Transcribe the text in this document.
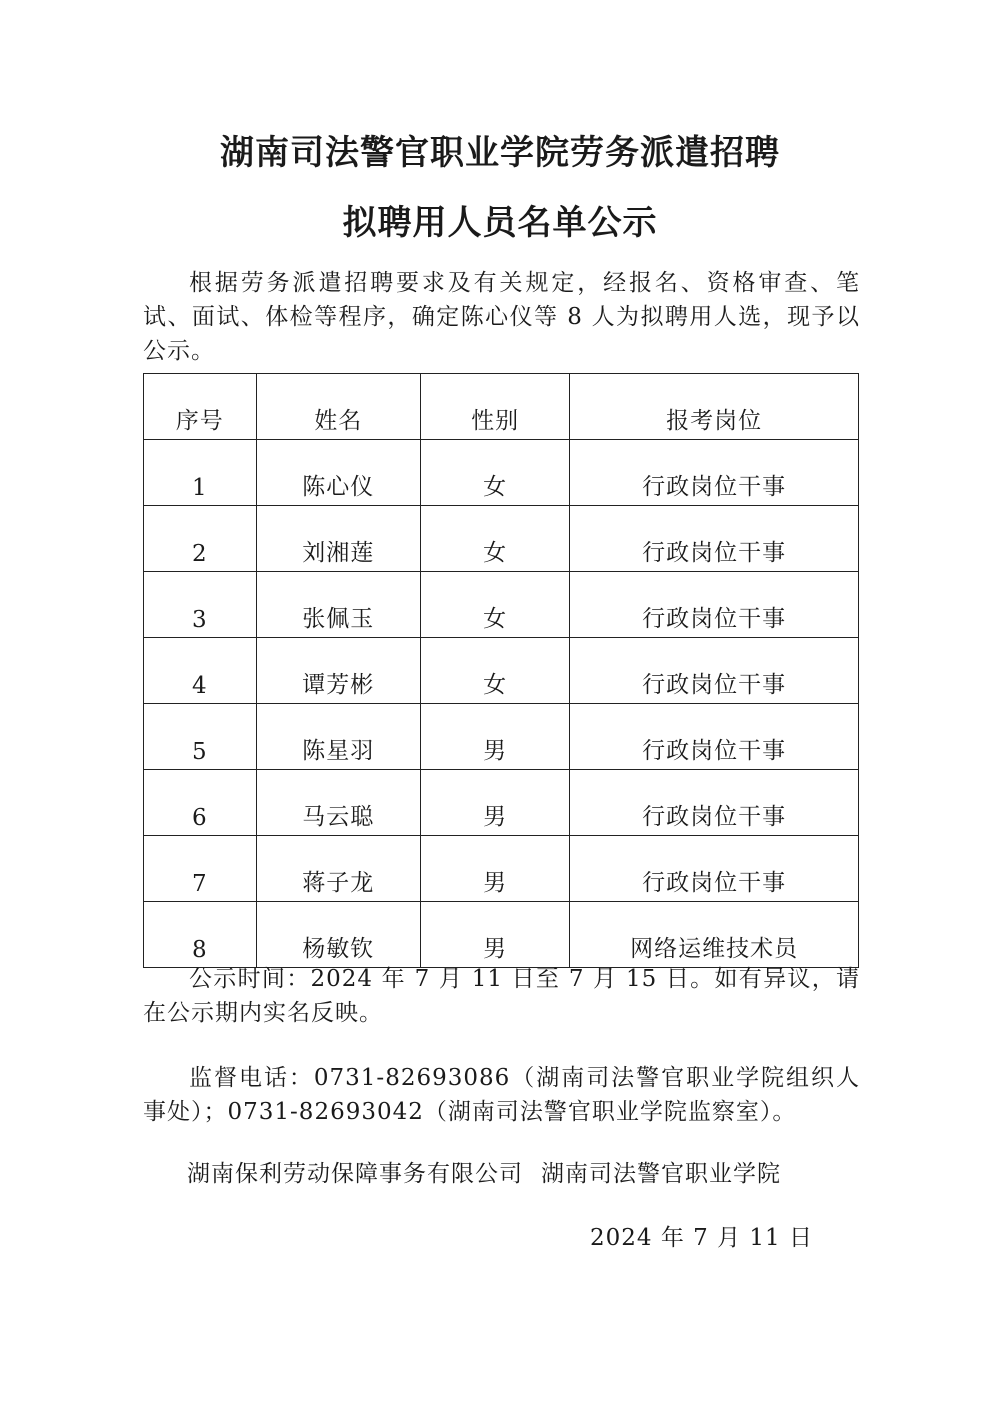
湖南司法警官职业学院劳务派遣招聘
拟聘用人员名单公示
根据劳务派遣招聘要求及有关规定，经报名、资格审查、笔试、面试、体检等程序，确定陈心仪等 8 人为拟聘用人选，现予以公示。
序号	姓名	性别	报考岗位
1	陈心仪	女	行政岗位干事
2	刘湘莲	女	行政岗位干事
3	张佩玉	女	行政岗位干事
4	谭芳彬	女	行政岗位干事
5	陈星羽	男	行政岗位干事
6	马云聪	男	行政岗位干事
7	蒋子龙	男	行政岗位干事
8	杨敏钦	男	网络运维技术员
公示时间：2024 年 7 月 11 日至 7 月 15 日。如有异议，请在公示期内实名反映。
监督电话：0731-82693086（湖南司法警官职业学院组织人事处）；0731-82693042（湖南司法警官职业学院监察室）。
湖南保利劳动保障事务有限公司 湖南司法警官职业学院
2024 年 7 月 11 日
